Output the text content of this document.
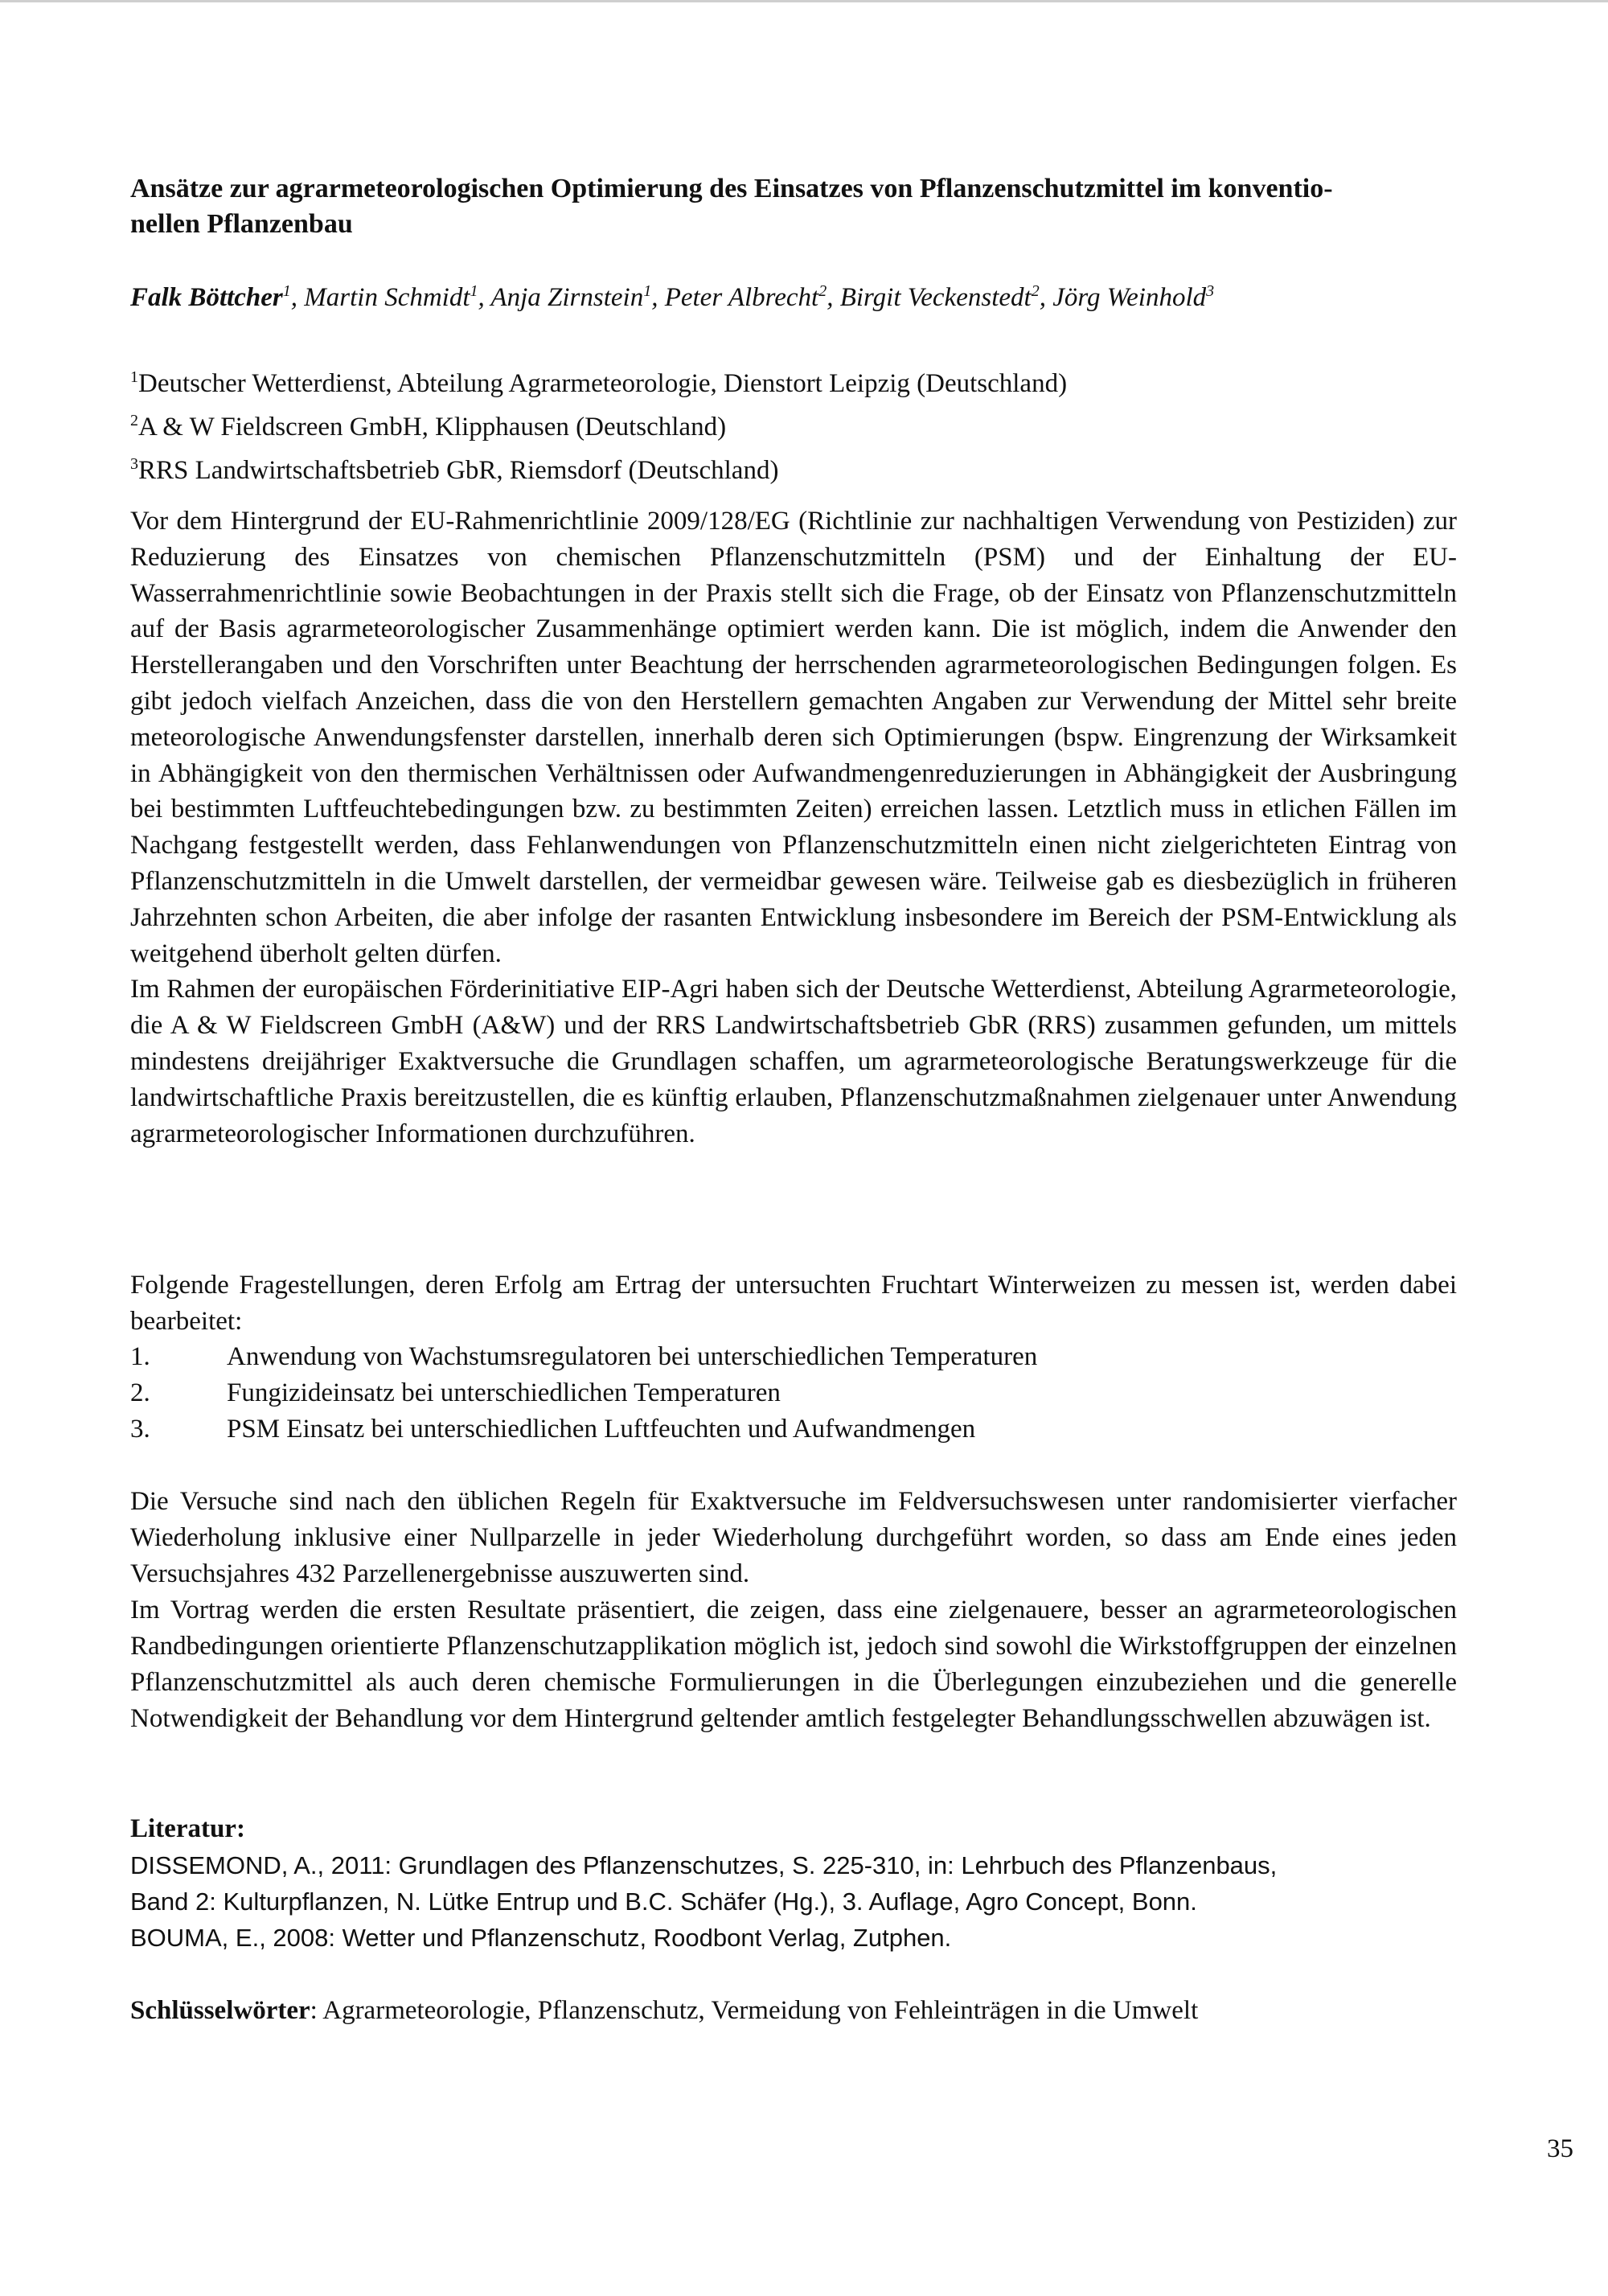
Ansätze zur agrarmeteorologischen Optimierung des Einsatzes von Pflanzenschutzmittel im konventio-
nellen Pflanzenbau
Falk Böttcher$^1$, Martin Schmidt$^1$, Anja Zirnstein$^1$, Peter Albrecht$^2$, Birgit Veckenstedt$^2$, Jörg Weinhold$^3$
$^1$Deutscher Wetterdienst, Abteilung Agrarmeteorologie, Dienstort Leipzig (Deutschland)
$^2$A & W Fieldscreen GmbH, Klipphausen (Deutschland)
$^3$RRS Landwirtschaftsbetrieb GbR, Riemsdorf (Deutschland)

Vor dem Hintergrund der EU-Rahmenrichtlinie 2009/128/EG (Richtlinie zur nachhaltigen Verwendung von Pestiziden) zur Reduzierung des Einsatzes von chemischen Pflanzenschutzmitteln (PSM) und der Einhaltung der EU-Wasserrahmenrichtlinie sowie Beobachtungen in der Praxis stellt sich die Frage, ob der Einsatz von Pflanzenschutzmitteln auf der Basis agrarmeteorologischer Zusammenhänge optimiert werden kann. Die ist möglich, indem die Anwender den Herstellerangaben und den Vorschriften unter Beachtung der herrschenden agrarmeteorologischen Bedingungen folgen. Es gibt jedoch vielfach Anzeichen, dass die von den Herstellern gemachten Angaben zur Verwendung der Mittel sehr breite meteorologische Anwendungsfenster darstellen, innerhalb deren sich Optimierungen (bspw. Eingrenzung der Wirksamkeit in Abhängigkeit von den thermischen Verhältnissen oder Aufwandmengenreduzierungen in Abhängigkeit der Ausbringung bei bestimmten Luftfeuchtebedingungen bzw. zu bestimmten Zeiten) erreichen lassen. Letztlich muss in etlichen Fällen im Nachgang festgestellt werden, dass Fehlanwendungen von Pflanzenschutzmitteln einen nicht zielgerichteten Eintrag von Pflanzenschutzmitteln in die Umwelt darstellen, der vermeidbar gewesen wäre. Teilweise gab es diesbezüglich in früheren Jahrzehnten schon Arbeiten, die aber infolge der rasanten Entwicklung insbesondere im Bereich der PSM-Entwicklung als weitgehend überholt gelten dürfen.

Im Rahmen der europäischen Förderinitiative EIP-Agri haben sich der Deutsche Wetterdienst, Abteilung Agrarmeteorologie, die A & W Fieldscreen GmbH (A&W) und der RRS Landwirtschaftsbetrieb GbR (RRS) zusammen gefunden, um mittels mindestens dreijähriger Exaktversuche die Grundlagen schaffen, um agrarmeteorologische Beratungswerkzeuge für die landwirtschaftliche Praxis bereitzustellen, die es künftig erlauben, Pflanzenschutzmaßnahmen zielgenauer unter Anwendung agrarmeteorologischer Informationen durchzuführen.

Folgende Fragestellungen, deren Erfolg am Ertrag der untersuchten Fruchtart Winterweizen zu messen ist, werden dabei bearbeitet:

1.	Anwendung von Wachstumsregulatoren bei unterschiedlichen Temperaturen
2.	Fungizideinsatz bei unterschiedlichen Temperaturen
3.	PSM Einsatz bei unterschiedlichen Luftfeuchten und Aufwandmengen

Die Versuche sind nach den üblichen Regeln für Exaktversuche im Feldversuchswesen unter randomisierter vierfacher Wiederholung inklusive einer Nullparzelle in jeder Wiederholung durchgeführt worden, so dass am Ende eines jeden Versuchsjahres 432 Parzellenergebnisse auszuwerten sind.

Im Vortrag werden die ersten Resultate präsentiert, die zeigen, dass eine zielgenauere, besser an agrarmeteorologischen Randbedingungen orientierte Pflanzenschutzapplikation möglich ist, jedoch sind sowohl die Wirkstoffgruppen der einzelnen Pflanzenschutzmittel als auch deren chemische Formulierungen in die Überlegungen einzubeziehen und die generelle Notwendigkeit der Behandlung vor dem Hintergrund geltender amtlich festgelegter Behandlungsschwellen abzuwägen ist.

Literatur:

DISSEMOND, A., 2011: Grundlagen des Pflanzenschutzes, S. 225-310, in: Lehrbuch des Pflanzenbaus,
Band 2: Kulturpflanzen, N. Lütke Entrup und B.C. Schäfer (Hg.), 3. Auflage, Agro Concept, Bonn.

BOUMA, E., 2008: Wetter und Pflanzenschutz, Roodbont Verlag, Zutphen.

Schlüsselwörter: Agrarmeteorologie, Pflanzenschutz, Vermeidung von Fehleinträgen in die Umwelt
35
